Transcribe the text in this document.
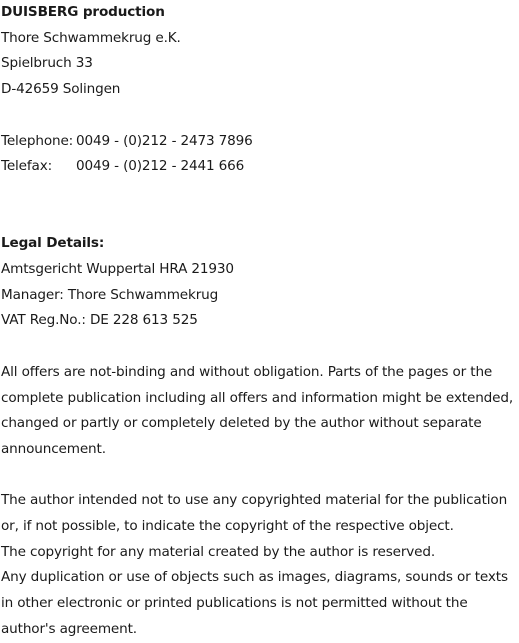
DUISBERG production
Thore Schwammekrug e.K.
Spielbruch 33
D-42659 Solingen
Telephone: 0049 - (0)212 - 2473 7896
Telefax: 0049 - (0)212 - 2441 666
Legal Details:
Amtsgericht Wuppertal HRA 21930
Manager: Thore Schwammekrug
VAT Reg.No.: DE 228 613 525

All offers are not-binding and without obligation. Parts of the pages or the complete publication including all offers and information might be extended, changed or partly or completely deleted by the author without separate announcement.

The author intended not to use any copyrighted material for the publication or, if not possible, to indicate the copyright of the respective object.

The copyright for any material created by the author is reserved.

Any duplication or use of objects such as images, diagrams, sounds or texts in other electronic or printed publications is not permitted without the author's agreement.
